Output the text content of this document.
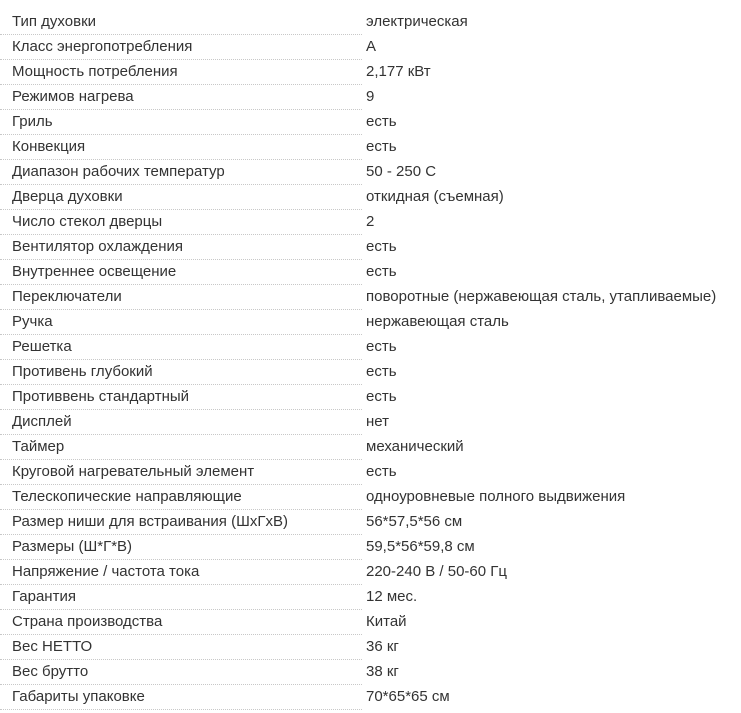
Тип духовки	электрическая
Класс энергопотребления	A
Мощность потребления	2,177 кВт
Режимов нагрева	9
Гриль	есть
Конвекция	есть
Диапазон рабочих температур	50 - 250 С
Дверца духовки	откидная (съемная)
Число стекол дверцы	2
Вентилятор охлаждения	есть
Внутреннее освещение	есть
Переключатели	поворотные (нержавеющая сталь, утапливаемые)
Ручка	нержавеющая сталь
Решетка	есть
Противень глубокий	есть
Противвень стандартный	есть
Дисплей	нет
Таймер	механический
Круговой нагревательный элемент	есть
Телескопические направляющие	одноуровневые полного выдвижения
Размер ниши для встраивания (ШхГхВ)	56*57,5*56 см
Размеры (Ш*Г*В)	59,5*56*59,8 см
Напряжение / частота тока	220-240 В / 50-60 Гц
Гарантия	12 мес.
Страна производства	Китай
Вес НЕТТО	36 кг
Вес брутто	38 кг
Габариты упаковке	70*65*65 см
